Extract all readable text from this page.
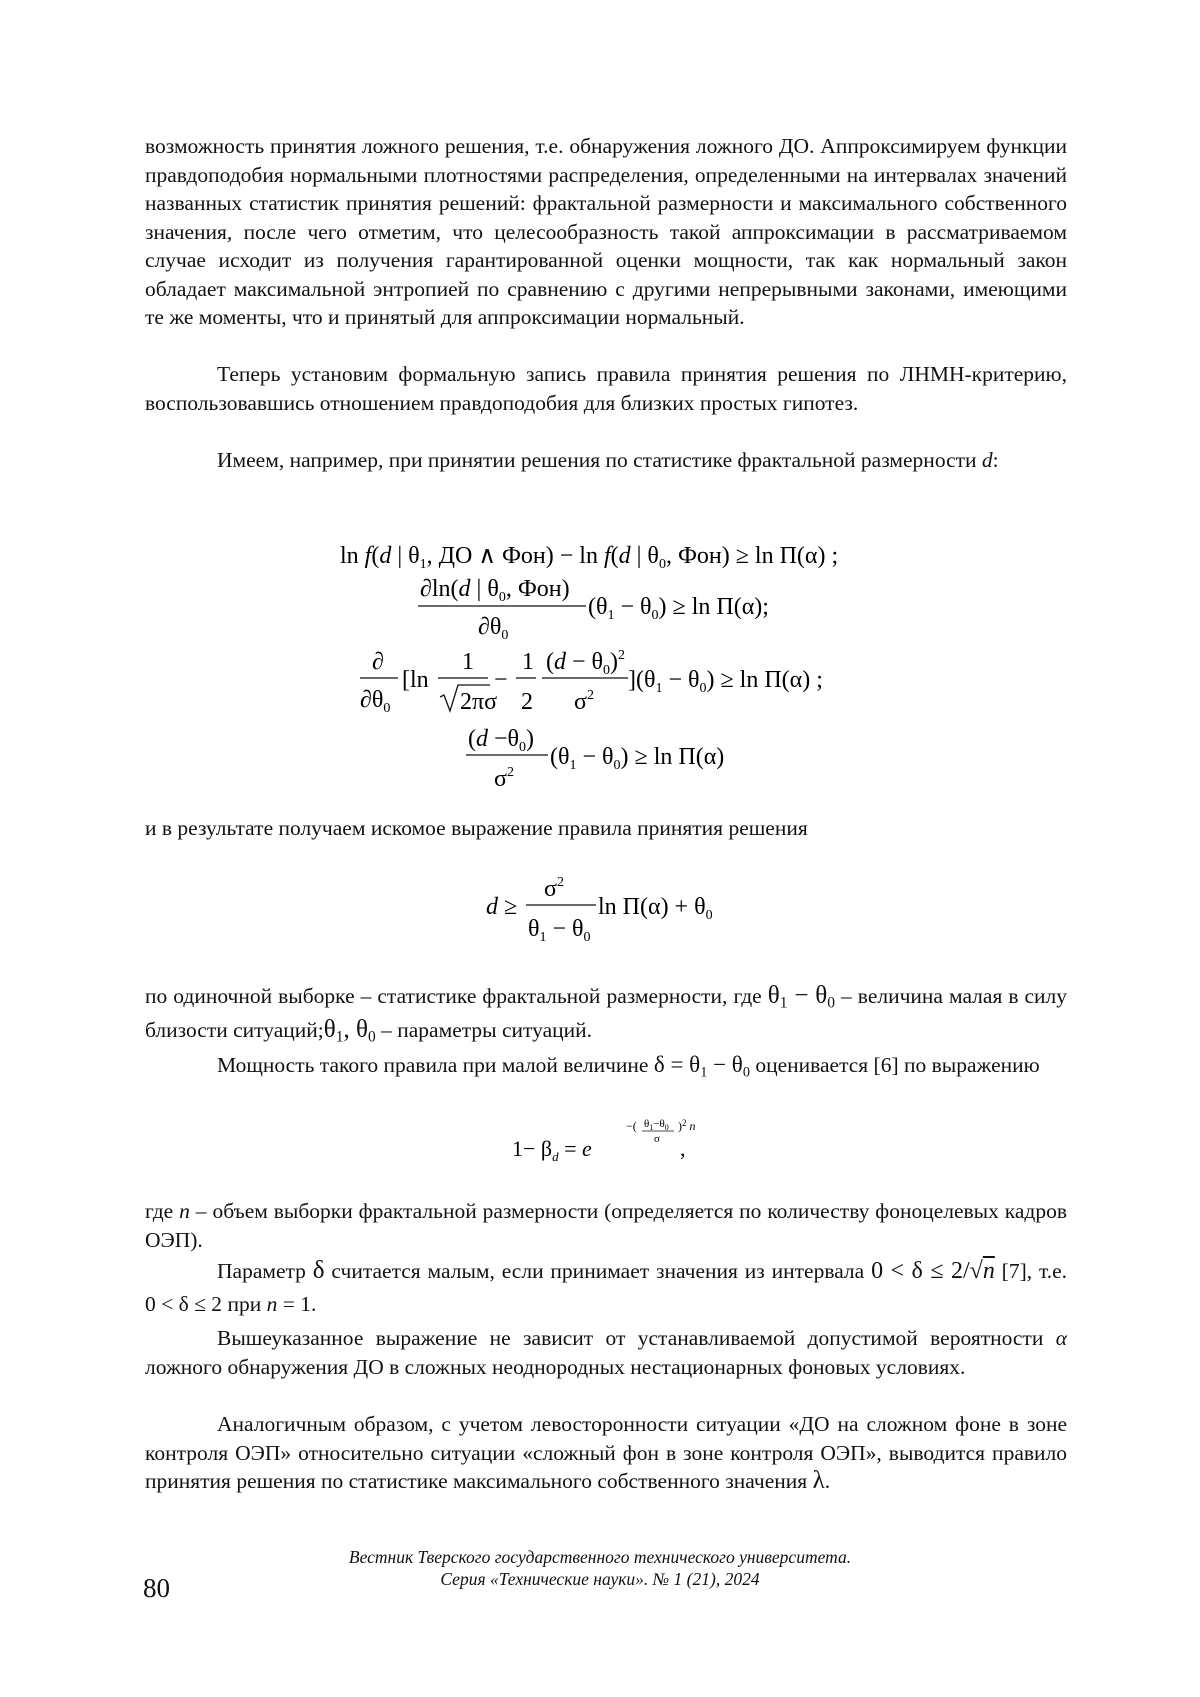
возможность принятия ложного решения, т.е. обнаружения ложного ДО. Аппроксимируем функции правдоподобия нормальными плотностями распределения, определенными на интервалах значений названных статистик принятия решений: фрактальной размерности и максимального собственного значения, после чего отметим, что целесообразность такой аппроксимации в рассматриваемом случае исходит из получения гарантированной оценки мощности, так как нормальный закон обладает максимальной энтропией по сравнению с другими непрерывными законами, имеющими те же моменты, что и принятый для аппроксимации нормальный.

Теперь установим формальную запись правила принятия решения по ЛНМН-критерию, воспользовавшись отношением правдоподобия для близких простых гипотез.

Имеем, например, при принятии решения по статистике фрактальной размерности d:

ln f(d | $\theta_1$, ДО ∧ Фон) − ln f(d | $\theta_0$, Фон) ≥ ln П(α) ;
∂ln(d | $\theta_0$, Фон)
$\partial\theta_0$
$(\theta_1 - \theta_0) \ge \ln П(\alpha)$;
∂
$\partial\theta_0$
[ln
1
2πσ
−
1
2
$(d - \theta_0)^2$
$\sigma^2$
]$(\theta_1 - \theta_0) \ge \ln П(\alpha)$ ;
$(d -\theta_0)$
$\sigma^2$
$(\theta_1 - \theta_0) \ge \ln П(\alpha)$

и в результате получаем искомое выражение правила принятия решения

d ≥
$\sigma^2$
$\theta_1 - \theta_0$
$\ln П(\alpha) + \theta_0$

по одиночной выборке – статистике фрактальной размерности, где $\theta_1 - \theta_0$ – величина малая в силу близости $ситуаций;\theta_1$, $\theta_0$ – параметры ситуаций.

Мощность такого правила при малой величине $\delta = \theta_1 - \theta_0$ оценивается [6] по выражению

$1- \beta_d = e$
−( $\theta_1-\theta_0$
σ
)$^2$ n
,

где n – объем выборки фрактальной размерности (определяется по количеству фоноцелевых кадров ОЭП).

Параметр δ считается малым, если принимает значения из интервала 0 < δ ≤ 2/√n [7], т.е. 0 < δ ≤ 2 при n = 1.

Вышеуказанное выражение не зависит от устанавливаемой допустимой вероятности α ложного обнаружения ДО в сложных неоднородных нестационарных фоновых условиях.

Аналогичным образом, с учетом левосторонности ситуации «ДО на сложном фоне в зоне контроля ОЭП» относительно ситуации «сложный фон в зоне контроля ОЭП», выводится правило принятия решения по статистике максимального собственного значения λ.

Вестник Тверского государственного технического университета.
Серия «Технические науки». № 1 (21), 2024
80
